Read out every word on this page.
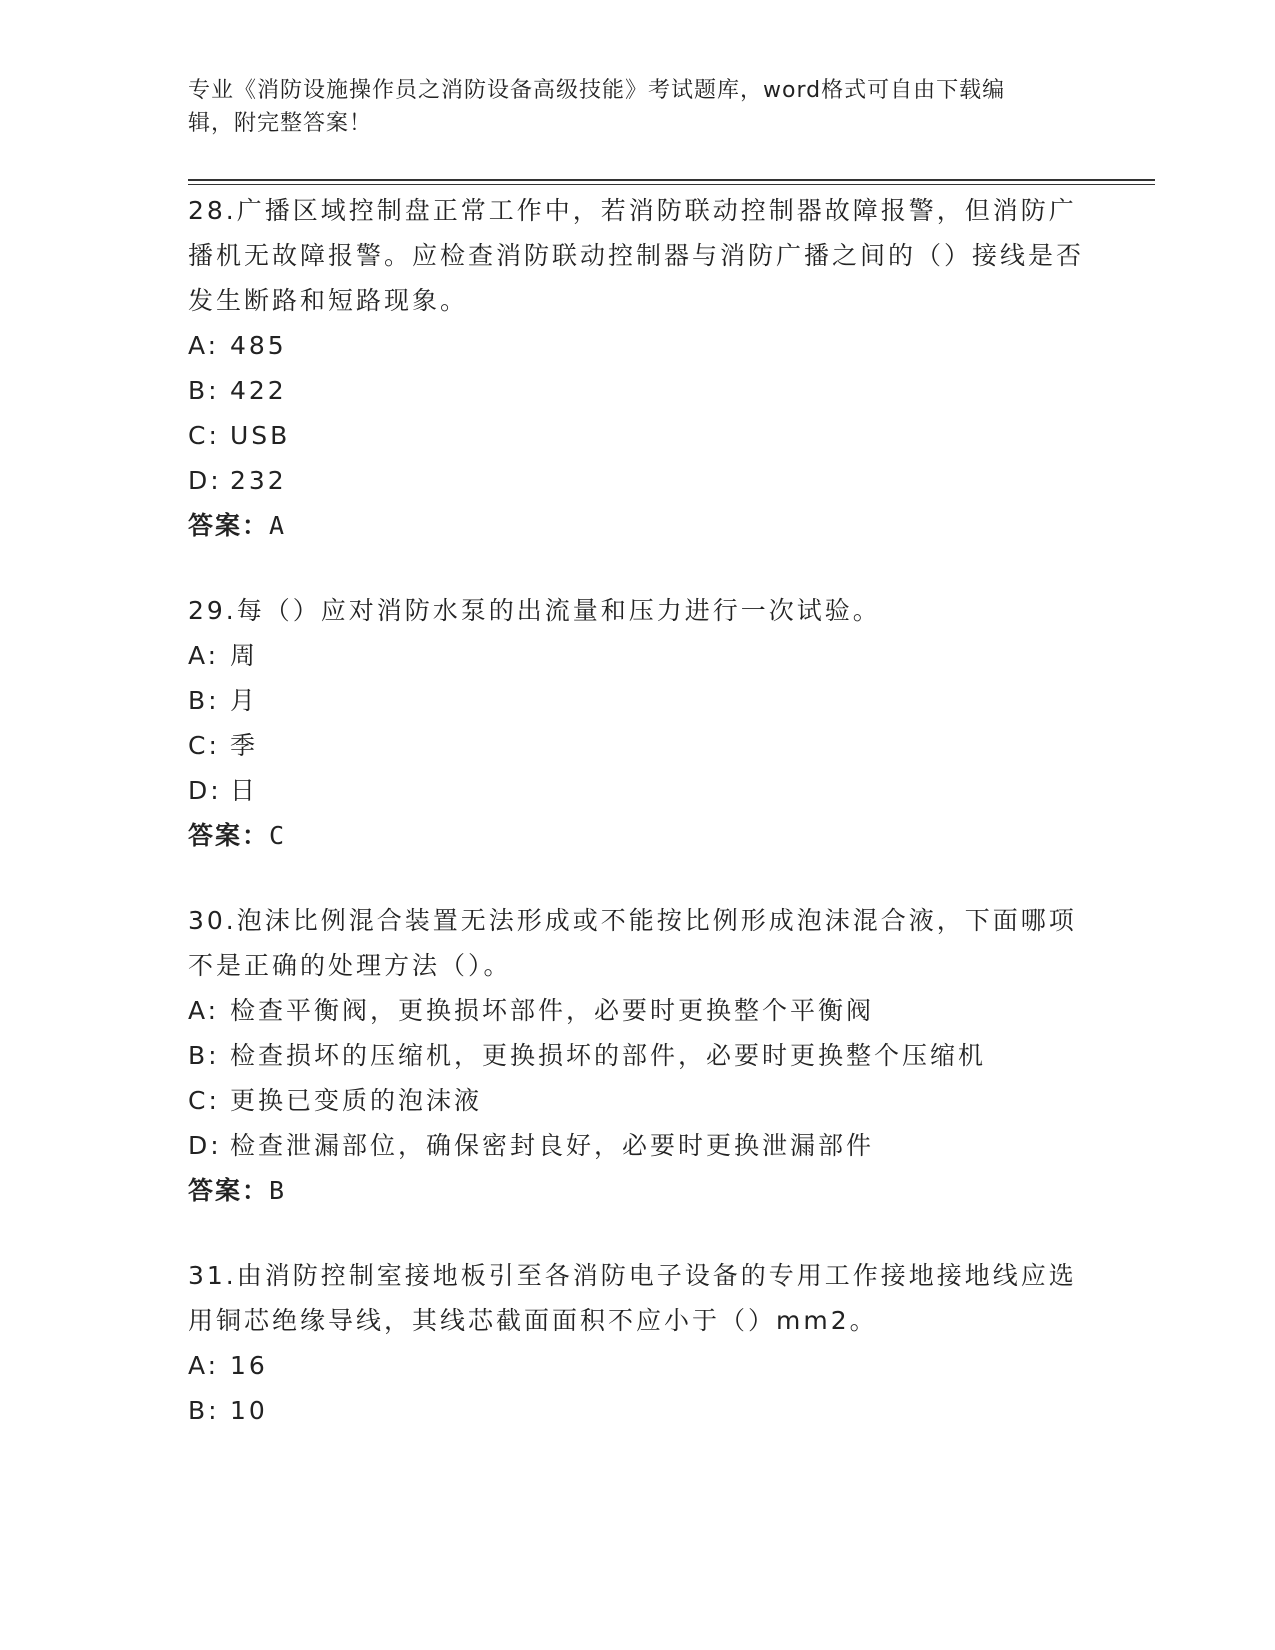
专业《消防设施操作员之消防设备高级技能》考试题库，word格式可自由下载编
辑，附完整答案！

28.广播区域控制盘正常工作中，若消防联动控制器故障报警，但消防广播机无故障报警。应检查消防联动控制器与消防广播之间的（）接线是否发生断路和短路现象。

A: 485

B: 422

C: USB

D: 232

答案：A

29.每（）应对消防水泵的出流量和压力进行一次试验。

A: 周

B: 月

C: 季

D: 日

答案：C

30.泡沫比例混合装置无法形成或不能按比例形成泡沫混合液，下面哪项不是正确的处理方法（）。

A: 检查平衡阀，更换损坏部件，必要时更换整个平衡阀

B: 检查损坏的压缩机，更换损坏的部件，必要时更换整个压缩机

C: 更换已变质的泡沫液

D: 检查泄漏部位，确保密封良好，必要时更换泄漏部件

答案：B

31.由消防控制室接地板引至各消防电子设备的专用工作接地接地线应选用铜芯绝缘导线，其线芯截面面积不应小于（）mm2。

A: 16

B: 10
